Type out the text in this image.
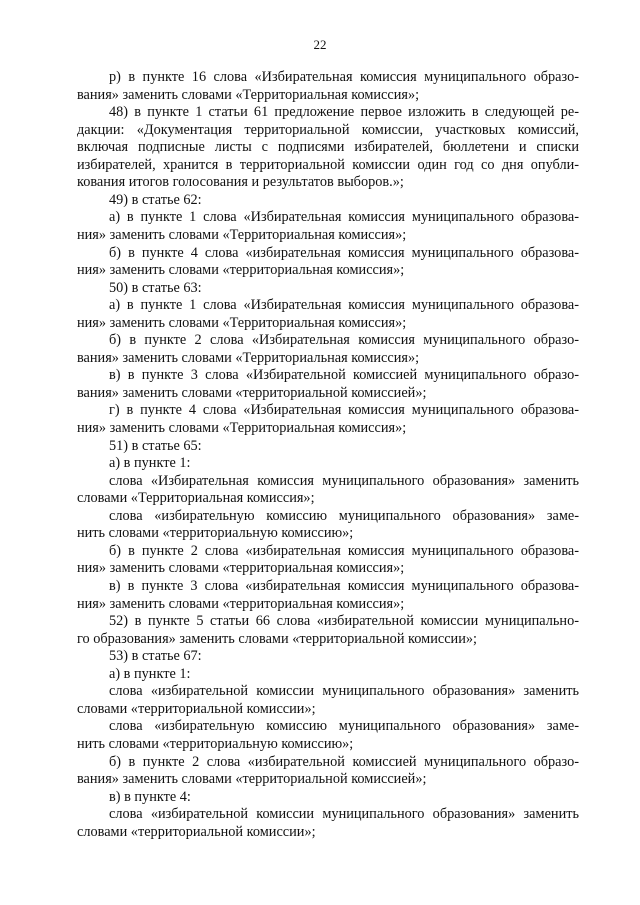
22
р) в пункте 16 слова «Избирательная комиссия муниципального образо-
вания» заменить словами «Территориальная комиссия»;
48) в пункте 1 статьи 61 предложение первое изложить в следующей ре-
дакции: «Документация территориальной комиссии, участковых комиссий,
включая подписные листы с подписями избирателей, бюллетени и списки
избирателей, хранится в территориальной комиссии один год со дня опубли-
кования итогов голосования и результатов выборов.»;
49) в статье 62:
а) в пункте 1 слова «Избирательная комиссия муниципального образова-
ния» заменить словами «Территориальная комиссия»;
б) в пункте 4 слова «избирательная комиссия муниципального образова-
ния» заменить словами «территориальная комиссия»;
50) в статье 63:
а) в пункте 1 слова «Избирательная комиссия муниципального образова-
ния» заменить словами «Территориальная комиссия»;
б) в пункте 2 слова «Избирательная комиссия муниципального образо-
вания» заменить словами «Территориальная комиссия»;
в) в пункте 3 слова «Избирательной комиссией муниципального образо-
вания» заменить словами «территориальной комиссией»;
г) в пункте 4 слова «Избирательная комиссия муниципального образова-
ния» заменить словами «Территориальная комиссия»;
51) в статье 65:
а) в пункте 1:
слова «Избирательная комиссия муниципального образования» заменить
словами «Территориальная комиссия»;
слова «избирательную комиссию муниципального образования» заме-
нить словами «территориальную комиссию»;
б) в пункте 2 слова «избирательная комиссия муниципального образова-
ния» заменить словами «территориальная комиссия»;
в) в пункте 3 слова «избирательная комиссия муниципального образова-
ния» заменить словами «территориальная комиссия»;
52) в пункте 5 статьи 66 слова «избирательной комиссии муниципально-
го образования» заменить словами «территориальной комиссии»;
53) в статье 67:
а) в пункте 1:
слова «избирательной комиссии муниципального образования» заменить
словами «территориальной комиссии»;
слова «избирательную комиссию муниципального образования» заме-
нить словами «территориальную комиссию»;
б) в пункте 2 слова «избирательной комиссией муниципального образо-
вания» заменить словами «территориальной комиссией»;
в) в пункте 4:
слова «избирательной комиссии муниципального образования» заменить
словами «территориальной комиссии»;
